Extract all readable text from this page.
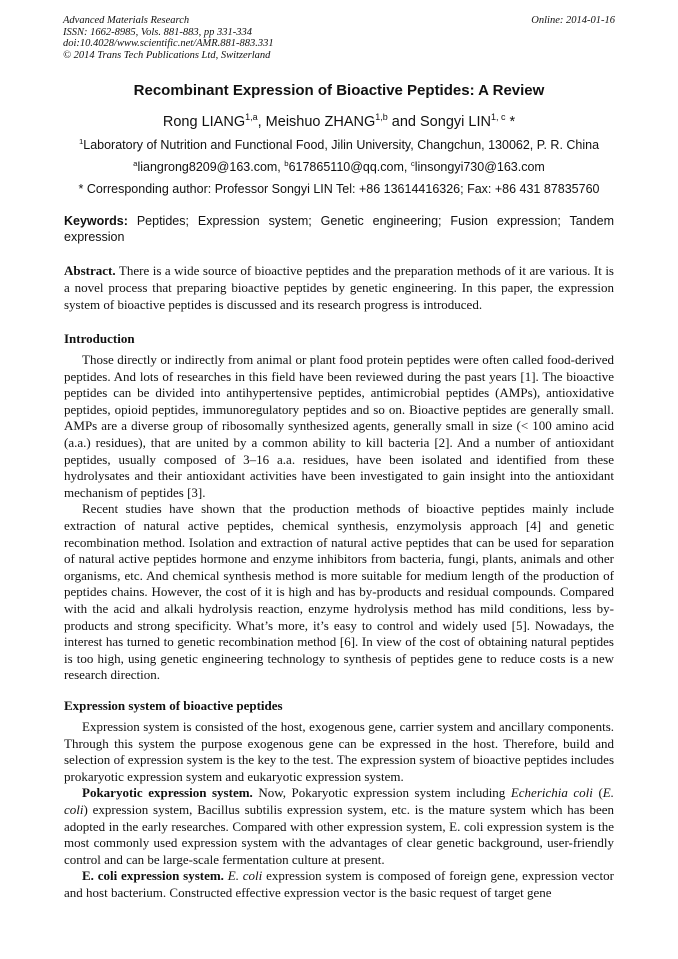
Advanced Materials Research
ISSN: 1662-8985, Vols. 881-883, pp 331-334
doi:10.4028/www.scientific.net/AMR.881-883.331
© 2014 Trans Tech Publications Ltd, Switzerland
Online: 2014-01-16
Recombinant Expression of Bioactive Peptides: A Review
Rong LIANG$^{1,a}$, Meishuo ZHANG$^{1,b}$ and Songyi LIN$^{1, c}$ *
$^1$Laboratory of Nutrition and Functional Food, Jilin University, Changchun, 130062, P. R. China
$^a$liangrong8209@163.com, $^b$617865110@qq.com, $^c$linsongyi730@163.com
* Corresponding author: Professor Songyi LIN Tel: +86 13614416326; Fax: +86 431 87835760
Keywords: Peptides; Expression system; Genetic engineering; Fusion expression; Tandem expression
Abstract. There is a wide source of bioactive peptides and the preparation methods of it are various. It is a novel process that preparing bioactive peptides by genetic engineering. In this paper, the expression system of bioactive peptides is discussed and its research progress is introduced.
Introduction

Those directly or indirectly from animal or plant food protein peptides were often called food-derived peptides. And lots of researches in this field have been reviewed during the past years [1]. The bioactive peptides can be divided into antihypertensive peptides, antimicrobial peptides (AMPs), antioxidative peptides, opioid peptides, immunoregulatory peptides and so on. Bioactive peptides are generally small. AMPs are a diverse group of ribosomally synthesized agents, generally small in size (< 100 amino acid (a.a.) residues), that are united by a common ability to kill bacteria [2]. And a number of antioxidant peptides, usually composed of 3–16 a.a. residues, have been isolated and identified from these hydrolysates and their antioxidant activities have been investigated to gain insight into the antioxidant mechanism of peptides [3].

Recent studies have shown that the production methods of bioactive peptides mainly include extraction of natural active peptides, chemical synthesis, enzymolysis approach [4] and genetic recombination method. Isolation and extraction of natural active peptides that can be used for separation of natural active peptides hormone and enzyme inhibitors from bacteria, fungi, plants, animals and other organisms, etc. And chemical synthesis method is more suitable for medium length of the production of peptides chains. However, the cost of it is high and has by-products and residual compounds. Compared with the acid and alkali hydrolysis reaction, enzyme hydrolysis method has mild conditions, less by-products and strong specificity. What’s more, it’s easy to control and widely used [5]. Nowadays, the interest has turned to genetic recombination method [6]. In view of the cost of obtaining natural peptides is too high, using genetic engineering technology to synthesis of peptides gene to reduce costs is a new research direction.

Expression system of bioactive peptides

Expression system is consisted of the host, exogenous gene, carrier system and ancillary components. Through this system the purpose exogenous gene can be expressed in the host. Therefore, build and selection of expression system is the key to the test. The expression system of bioactive peptides includes prokaryotic expression system and eukaryotic expression system.

Pokaryotic expression system. Now, Pokaryotic expression system including Echerichia coli (E. coli) expression system, Bacillus subtilis expression system, etc. is the mature system which has been adopted in the early researches. Compared with other expression system, E. coli expression system is the most commonly used expression system with the advantages of clear genetic background, user-friendly control and can be large-scale fermentation culture at present.

E. coli expression system. E. coli expression system is composed of foreign gene, expression vector and host bacterium. Constructed effective expression vector is the basic request of target gene
